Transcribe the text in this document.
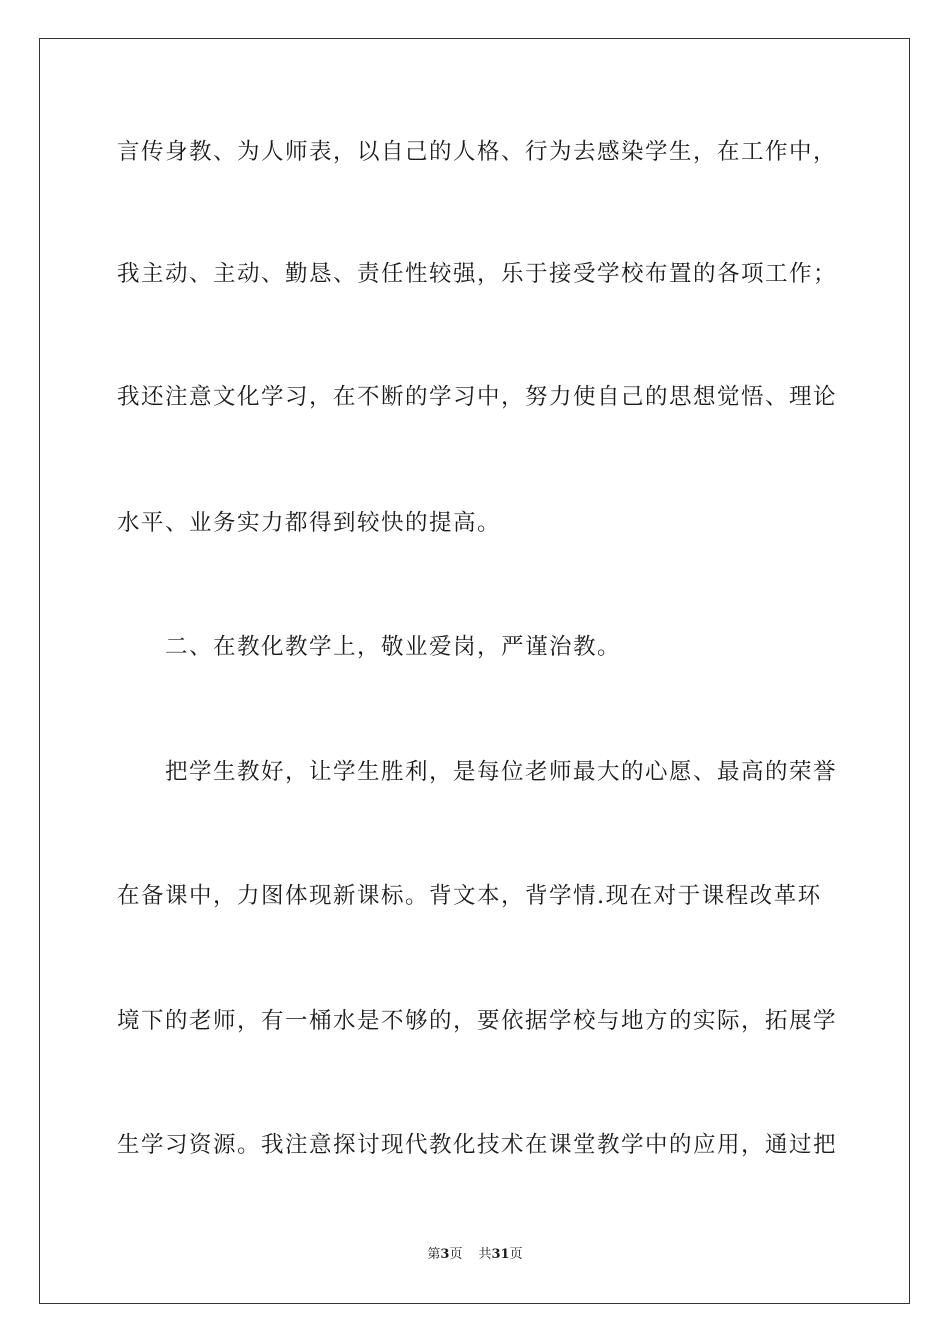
言传身教、为人师表，以自己的人格、行为去感染学生，在工作中，
我主动、主动、勤恳、责任性较强，乐于接受学校布置的各项工作；
我还注意文化学习，在不断的学习中，努力使自己的思想觉悟、理论
水平、业务实力都得到较快的提高。
二、在教化教学上，敬业爱岗，严谨治教。
把学生教好，让学生胜利，是每位老师最大的心愿、最高的荣誉
在备课中，力图体现新课标。背文本，背学情.现在对于课程改革环
境下的老师，有一桶水是不够的，要依据学校与地方的实际，拓展学
生学习资源。我注意探讨现代教化技术在课堂教学中的应用，通过把
第3页 共31页
